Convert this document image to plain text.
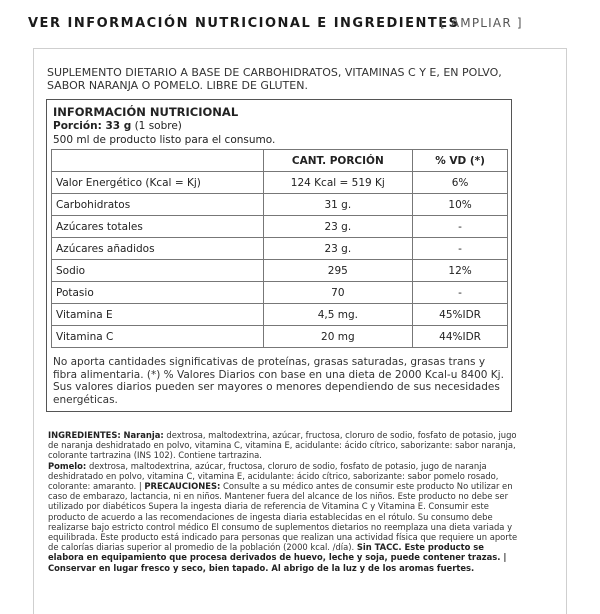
VER INFORMACIÓN NUTRICIONAL E INGREDIENTES
[ AMPLIAR ]
SUPLEMENTO DIETARIO A BASE DE CARBOHIDRATOS, VITAMINAS C Y E, EN POLVO, SABOR NARANJA O POMELO. LIBRE DE GLUTEN.
INFORMACIÓN NUTRICIONAL
Porción: 33 g (1 sobre)
500 ml de producto listo para el consumo.
	CANT. PORCIÓN	% VD (*)
Valor Energético (Kcal = Kj)	124 Kcal = 519 Kj	6%
Carbohidratos	31 g.	10%
Azúcares totales	23 g.	-
Azúcares añadidos	23 g.	-
Sodio	295	12%
Potasio	70	-
Vitamina E	4,5 mg.	45%IDR
Vitamina C	20 mg	44%IDR
No aporta cantidades significativas de proteínas, grasas saturadas, grasas trans y fibra alimentaria. (*) % Valores Diarios con base en una dieta de 2000 Kcal-u 8400 Kj. Sus valores diarios pueden ser mayores o menores dependiendo de sus necesidades energéticas.
INGREDIENTES: Naranja: dextrosa, maltodextrina, azúcar, fructosa, cloruro de sodio, fosfato de potasio, jugo de naranja deshidratado en polvo, vitamina C, vitamina E, acidulante: ácido cítrico, saborizante: sabor naranja, colorante tartrazina (INS 102). Contiene tartrazina.
Pomelo: dextrosa, maltodextrina, azúcar, fructosa, cloruro de sodio, fosfato de potasio, jugo de naranja deshidratado en polvo, vitamina C, vitamina E, acidulante: ácido cítrico, saborizante: sabor pomelo rosado, colorante: amaranto. | PRECAUCIONES: Consulte a su médico antes de consumir este producto No utilizar en caso de embarazo, lactancia, ni en niños. Mantener fuera del alcance de los niños. Este producto no debe ser utilizado por diabéticos Supera la ingesta diaria de referencia de Vitamina C y Vitamina E. Consumir este producto de acuerdo a las recomendaciones de ingesta diaria establecidas en el rótulo. Su consumo debe realizarse bajo estricto control médico El consumo de suplementos dietarios no reemplaza una dieta variada y equilibrada. Este producto está indicado para personas que realizan una actividad física que requiere un aporte de calorías diarias superior al promedio de la población (2000 kcal. /día). Sin TACC. Este producto se elabora en equipamiento que procesa derivados de huevo, leche y soja, puede contener trazas. | Conservar en lugar fresco y seco, bien tapado. Al abrigo de la luz y de los aromas fuertes.
